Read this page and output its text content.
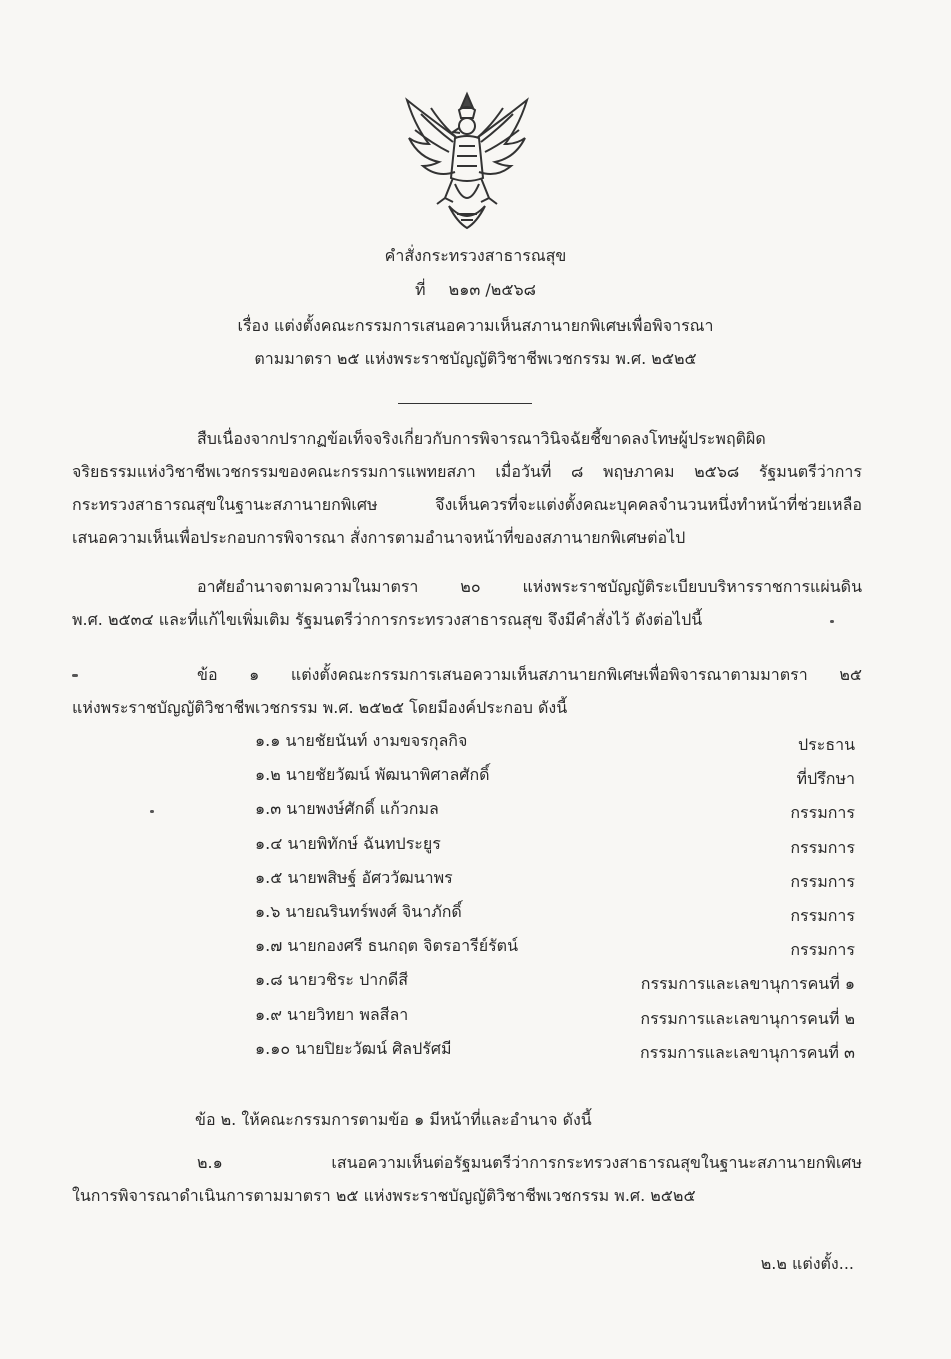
คำสั่งกระทรวงสาธารณสุข
ที่ ๒๑๓ /๒๕๖๘
เรื่อง แต่งตั้งคณะกรรมการเสนอความเห็นสภานายกพิเศษเพื่อพิจารณา
ตามมาตรา ๒๕ แห่งพระราชบัญญัติวิชาชีพเวชกรรม พ.ศ. ๒๕๒๕
สืบเนื่องจากปรากฏข้อเท็จจริงเกี่ยวกับการพิจารณาวินิจฉัยชี้ขาดลงโทษผู้ประพฤติผิด
จริยธรรมแห่งวิชาชีพเวชกรรมของคณะกรรมการแพทยสภา เมื่อวันที่ ๘ พฤษภาคม ๒๕๖๘ รัฐมนตรีว่าการ
กระทรวงสาธารณสุขในฐานะสภานายกพิเศษ จึงเห็นควรที่จะแต่งตั้งคณะบุคคลจำนวนหนึ่งทำหน้าที่ช่วยเหลือ
เสนอความเห็นเพื่อประกอบการพิจารณา สั่งการตามอำนาจหน้าที่ของสภานายกพิเศษต่อไป
อาศัยอำนาจตามความในมาตรา ๒๐ แห่งพระราชบัญญัติระเบียบบริหารราชการแผ่นดิน
พ.ศ. ๒๕๓๔ และที่แก้ไขเพิ่มเติม รัฐมนตรีว่าการกระทรวงสาธารณสุข จึงมีคำสั่งไว้ ดังต่อไปนี้
ข้อ ๑ แต่งตั้งคณะกรรมการเสนอความเห็นสภานายกพิเศษเพื่อพิจารณาตามมาตรา ๒๕
แห่งพระราชบัญญัติวิชาชีพเวชกรรม พ.ศ. ๒๕๒๕ โดยมีองค์ประกอบ ดังนี้
๑.๑ นายชัยนันท์ งามขจรกุลกิจ	ประธาน
๑.๒ นายชัยวัฒน์ พัฒนาพิศาลศักดิ์	ที่ปรึกษา
๑.๓ นายพงษ์ศักดิ์ แก้วกมล	กรรมการ
๑.๔ นายพิทักษ์ ฉันทประยูร	กรรมการ
๑.๕ นายพสิษฐ์ อัศววัฒนาพร	กรรมการ
๑.๖ นายณรินทร์พงศ์ จินาภักดิ์	กรรมการ
๑.๗ นายกองศรี ธนกฤต จิตรอารีย์รัตน์	กรรมการ
๑.๘ นายวชิระ ปากดีสี	กรรมการและเลขานุการคนที่ ๑
๑.๙ นายวิทยา พลสีลา	กรรมการและเลขานุการคนที่ ๒
๑.๑๐ นายปิยะวัฒน์ ศิลปรัศมี	กรรมการและเลขานุการคนที่ ๓
ข้อ ๒. ให้คณะกรรมการตามข้อ ๑ มีหน้าที่และอำนาจ ดังนี้
๒.๑ เสนอความเห็นต่อรัฐมนตรีว่าการกระทรวงสาธารณสุขในฐานะสภานายกพิเศษ
ในการพิจารณาดำเนินการตามมาตรา ๒๕ แห่งพระราชบัญญัติวิชาชีพเวชกรรม พ.ศ. ๒๕๒๕
๒.๒ แต่งตั้ง...
